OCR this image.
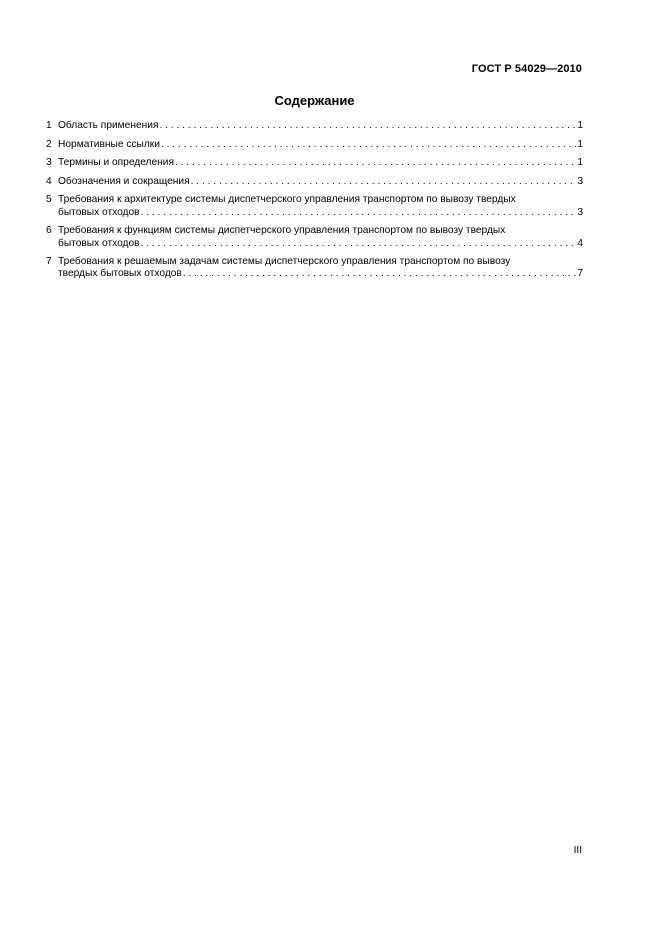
ГОСТ Р 54029—2010
Содержание
1 Область применения . . .	1
2 Нормативные ссылки . . .	1
3 Термины и определения . . .	1
4 Обозначения и сокращения . . .	3
5 Требования к архитектуре системы диспетчерского управления транспортом по вывозу твердых
бытовых отходов . . .	3
6 Требования к функциям системы диспетчерского управления транспортом по вывозу твердых
бытовых отходов . . .	4
7 Требования к решаемым задачам системы диспетчерского управления транспортом по вывозу
твердых бытовых отходов . . .	7
III
